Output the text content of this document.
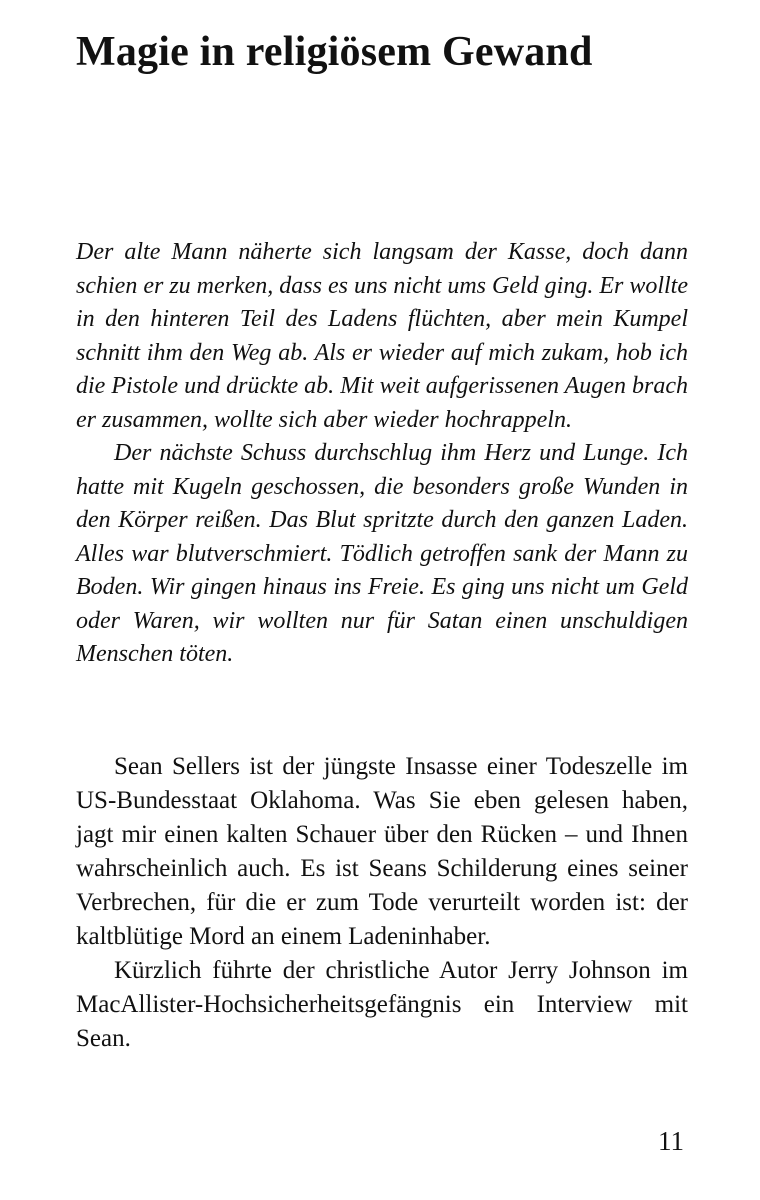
Magie in religiösem Gewand

Der alte Mann näherte sich langsam der Kasse, doch dann schien er zu merken, dass es uns nicht ums Geld ging. Er wollte in den hinteren Teil des Ladens flüchten, aber mein Kumpel schnitt ihm den Weg ab. Als er wieder auf mich zukam, hob ich die Pistole und drückte ab. Mit weit aufgerissenen Augen brach er zusammen, wollte sich aber wieder hochrappeln.

Der nächste Schuss durchschlug ihm Herz und Lunge. Ich hatte mit Kugeln geschossen, die besonders große Wunden in den Körper reißen. Das Blut spritzte durch den ganzen Laden. Alles war blutverschmiert. Tödlich getroffen sank der Mann zu Boden. Wir gingen hinaus ins Freie. Es ging uns nicht um Geld oder Waren, wir wollten nur für Satan einen unschuldigen Menschen töten.

Sean Sellers ist der jüngste Insasse einer Todeszelle im US-Bundesstaat Oklahoma. Was Sie eben gelesen haben, jagt mir einen kalten Schauer über den Rücken – und Ihnen wahrscheinlich auch. Es ist Seans Schilderung eines seiner Verbrechen, für die er zum Tode verurteilt worden ist: der kaltblütige Mord an einem Ladeninhaber.

Kürzlich führte der christliche Autor Jerry Johnson im MacAllister-Hochsicherheitsgefängnis ein Interview mit Sean.

11
